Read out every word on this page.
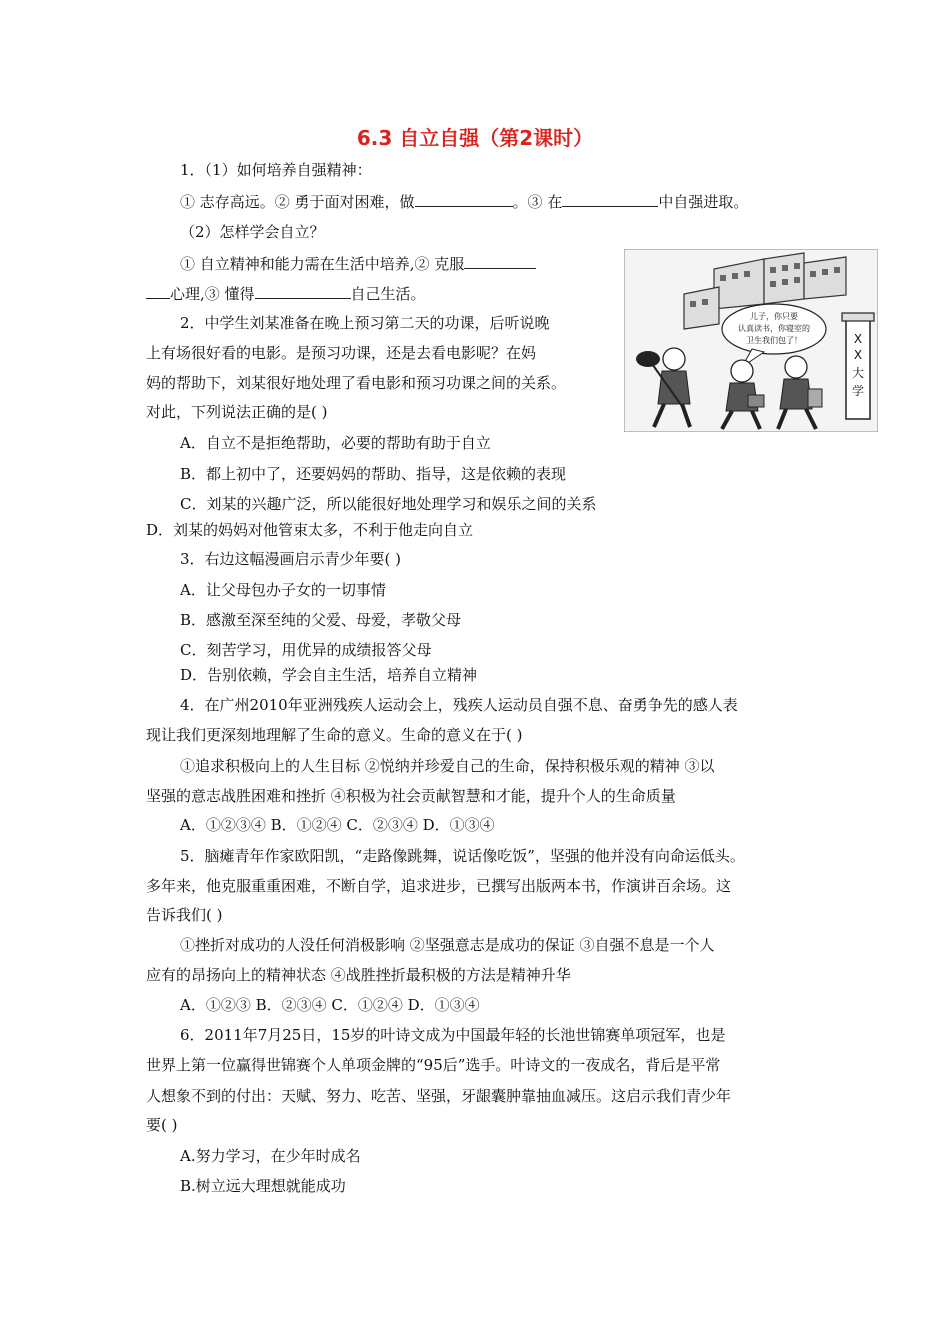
6.3 自立自强（第2课时）
1．（1）如何培养自强精神：
① 志存高远。② 勇于面对困难，做	。③ 在	中自强进取。
（2）怎样学会自立？
① 自立精神和能力需在生活中培养,② 克服
心理,③ 懂得	自己生活。
2．中学生刘某准备在晚上预习第二天的功课，后听说晚
上有场很好看的电影。是预习功课，还是去看电影呢？在妈
妈的帮助下，刘某很好地处理了看电影和预习功课之间的关系。
对此，下列说法正确的是( )
A．自立不是拒绝帮助，必要的帮助有助于自立
B．都上初中了，还要妈妈的帮助、指导，这是依赖的表现
C．刘某的兴趣广泛，所以能很好地处理学习和娱乐之间的关系
D．刘某的妈妈对他管束太多，不利于他走向自立
3．右边这幅漫画启示青少年要( )
A．让父母包办子女的一切事情
B．感激至深至纯的父爱、母爱，孝敬父母
C．刻苦学习，用优异的成绩报答父母
D．告别依赖，学会自主生活，培养自立精神
4．在广州2010年亚洲残疾人运动会上，残疾人运动员自强不息、奋勇争先的感人表
现让我们更深刻地理解了生命的意义。生命的意义在于( )
①追求积极向上的人生目标 ②悦纳并珍爱自己的生命，保持积极乐观的精神 ③以
坚强的意志战胜困难和挫折 ④积极为社会贡献智慧和才能，提升个人的生命质量
A．①②③④ B．①②④ C．②③④ D．①③④
5．脑瘫青年作家欧阳凯，“走路像跳舞，说话像吃饭”，坚强的他并没有向命运低头。
多年来，他克服重重困难，不断自学，追求进步，已撰写出版两本书，作演讲百余场。这
告诉我们( )
①挫折对成功的人没任何消极影响 ②坚强意志是成功的保证 ③自强不息是一个人
应有的昂扬向上的精神状态 ④战胜挫折最积极的方法是精神升华
A．①②③ B．②③④ C．①②④ D．①③④
6．2011年7月25日，15岁的叶诗文成为中国最年轻的长池世锦赛单项冠军，也是
世界上第一位赢得世锦赛个人单项金牌的“95后”选手。叶诗文的一夜成名，背后是平常
人想象不到的付出：天赋、努力、吃苦、坚强，牙龈囊肿靠抽血减压。这启示我们青少年
要( )
A.努力学习，在少年时成名
B.树立远大理想就能成功
X
X
大
学
儿子，你只要
认真读书，你寝室的
卫生我们包了！
